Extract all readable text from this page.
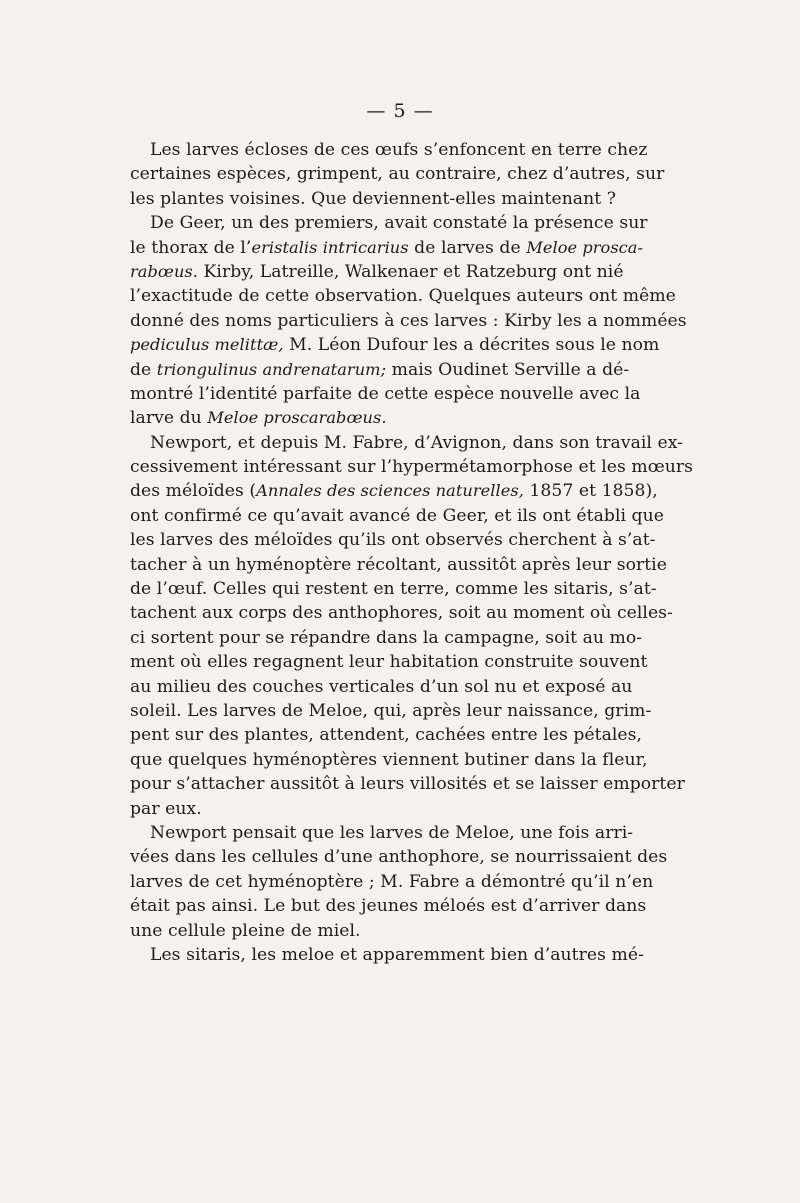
— 5 —
Les larves écloses de ces œufs s’enfoncent en terre chez
certaines espèces, grimpent, au contraire, chez d’autres, sur
les plantes voisines. Que deviennent-elles maintenant ?
De Geer, un des premiers, avait constaté la présence sur
le thorax de l’eristalis intricarius de larves de Meloe prosca-
rabœus. Kirby, Latreille, Walkenaer et Ratzeburg ont nié
l’exactitude de cette observation. Quelques auteurs ont même
donné des noms particuliers à ces larves : Kirby les a nommées
pediculus melittæ, M. Léon Dufour les a décrites sous le nom
de triongulinus andrenatarum; mais Oudinet Serville a dé-
montré l’identité parfaite de cette espèce nouvelle avec la
larve du Meloe proscarabœus.
Newport, et depuis M. Fabre, d’Avignon, dans son travail ex-
cessivement intéressant sur l’hypermétamorphose et les mœurs
des méloïdes (Annales des sciences naturelles, 1857 et 1858),
ont confirmé ce qu’avait avancé de Geer, et ils ont établi que
les larves des méloïdes qu’ils ont observés cherchent à s’at-
tacher à un hyménoptère récoltant, aussitôt après leur sortie
de l’œuf. Celles qui restent en terre, comme les sitaris, s’at-
tachent aux corps des anthophores, soit au moment où celles-
ci sortent pour se répandre dans la campagne, soit au mo-
ment où elles regagnent leur habitation construite souvent
au milieu des couches verticales d’un sol nu et exposé au
soleil. Les larves de Meloe, qui, après leur naissance, grim-
pent sur des plantes, attendent, cachées entre les pétales,
que quelques hyménoptères viennent butiner dans la fleur,
pour s’attacher aussitôt à leurs villosités et se laisser emporter
par eux.
Newport pensait que les larves de Meloe, une fois arri-
vées dans les cellules d’une anthophore, se nourrissaient des
larves de cet hyménoptère ; M. Fabre a démontré qu’il n’en
était pas ainsi. Le but des jeunes méloés est d’arriver dans
une cellule pleine de miel.
Les sitaris, les meloe et apparemment bien d’autres mé-
